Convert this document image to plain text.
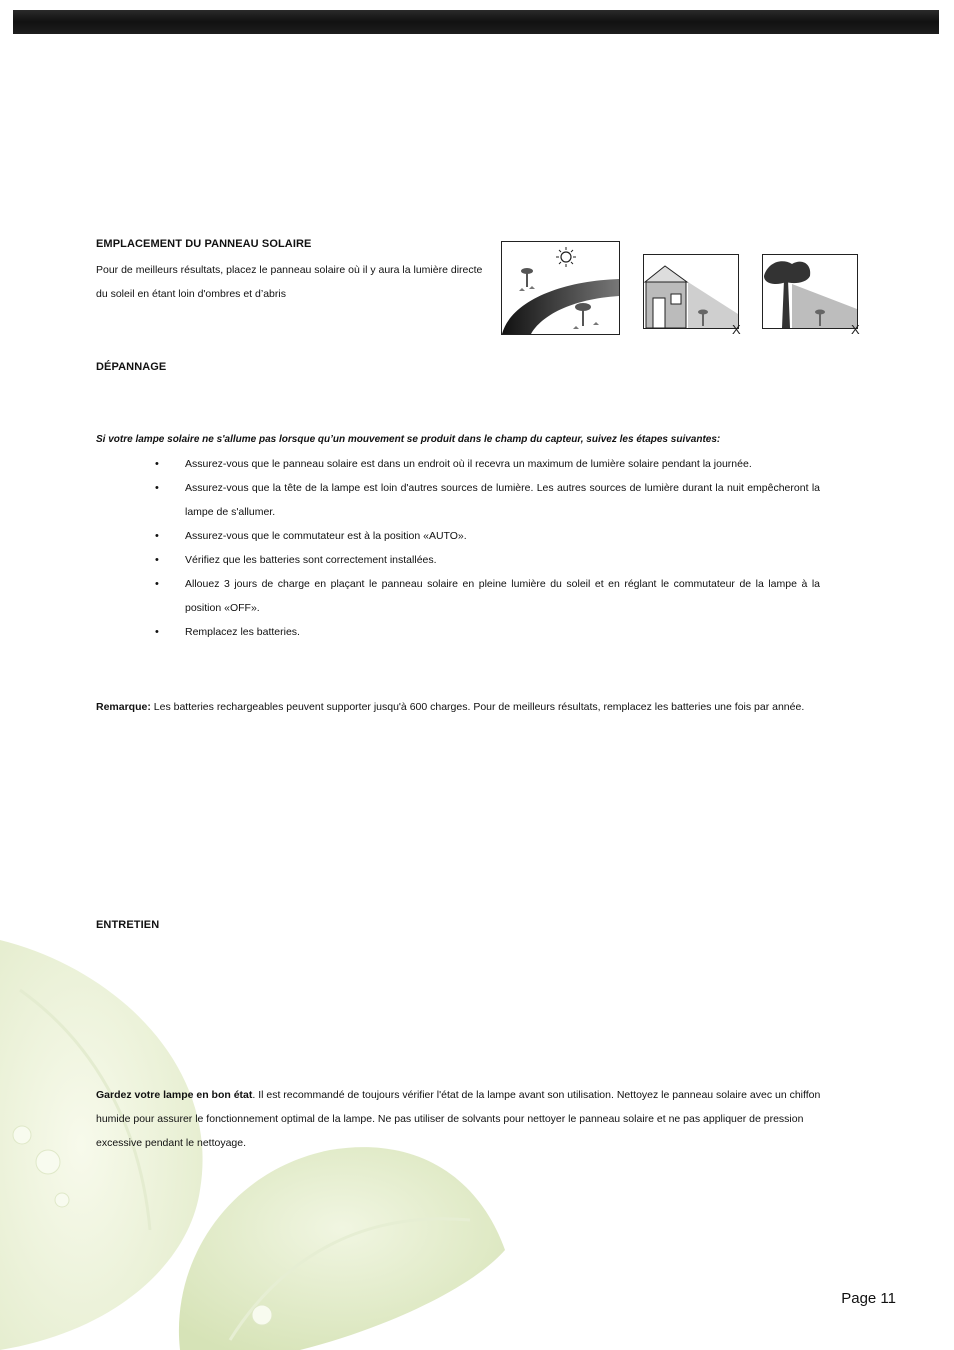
EMPLACEMENT DU PANNEAU SOLAIRE
Pour de meilleurs résultats, placez le panneau solaire où il y aura la lumière directe du soleil en étant loin d'ombres et d’abris
X	X
DÉPANNAGE
Si votre lampe solaire ne s'allume pas lorsque qu’un mouvement se produit dans le champ du capteur, suivez les étapes suivantes:
• Assurez-vous que le panneau solaire est dans un endroit où il recevra un maximum de lumière solaire pendant la journée.
• Assurez-vous que la tête de la lampe est loin d'autres sources de lumière. Les autres sources de lumière durant la nuit empêcheront la lampe de s'allumer.
• Assurez-vous que le commutateur est à la position «AUTO».
• Vérifiez que les batteries sont correctement installées.
• Allouez 3 jours de charge en plaçant le panneau solaire en pleine lumière du soleil et en réglant le commutateur de la lampe à la position «OFF».
• Remplacez les batteries.
Remarque: Les batteries rechargeables peuvent supporter jusqu'à 600 charges. Pour de meilleurs résultats, remplacez les batteries une fois par année.
ENTRETIEN
Gardez votre lampe en bon état. Il est recommandé de toujours vérifier l'état de la lampe avant son utilisation. Nettoyez le panneau solaire avec un chiffon humide pour assurer le fonctionnement optimal de la lampe. Ne pas utiliser de solvants pour nettoyer le panneau solaire et ne pas appliquer de pression excessive pendant le nettoyage.
Page 11
